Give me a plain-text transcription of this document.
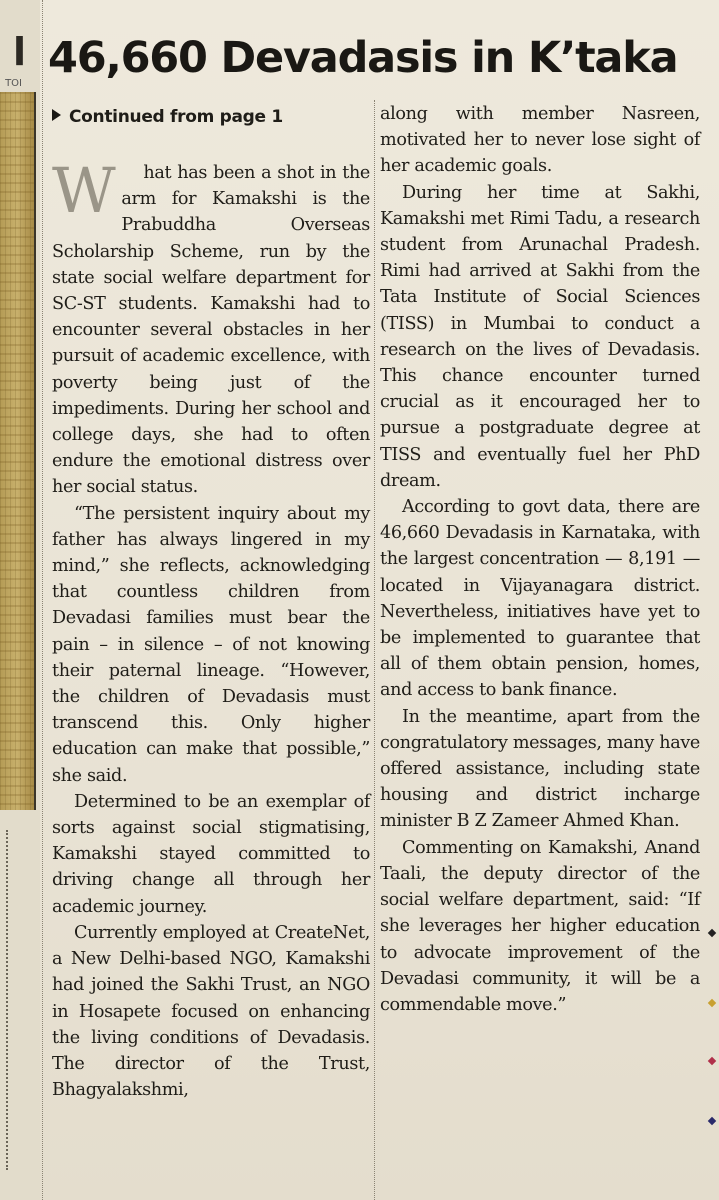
l
TOI
46,660 Devadasis in K’taka
Continued from page 1

W hat has been a shot in the arm for Kamakshi is the Prabuddha Overseas Scholarship Scheme, run by the state social welfare department for SC-ST students. Kamakshi had to encounter several obstacles in her pursuit of academic excellence, with poverty being just of the impediments. During her school and college days, she had to often endure the emotional distress over her social status.

“The persistent inquiry about my father has always lingered in my mind,” she reflects, acknowledging that countless children from Devadasi families must bear the pain – in silence – of not knowing their paternal lineage. “However, the children of Devadasis must transcend this. Only higher education can make that possible,” she said.

Determined to be an exemplar of sorts against social stigmatising, Kamakshi stayed committed to driving change all through her academic journey.

Currently employed at CreateNet, a New Delhi-based NGO, Kamakshi had joined the Sakhi Trust, an NGO in Hosapete focused on enhancing the living conditions of Devadasis. The director of the Trust, Bhagyalakshmi,

along with member Nasreen, motivated her to never lose sight of her academic goals.

During her time at Sakhi, Kamakshi met Rimi Tadu, a research student from Arunachal Pradesh. Rimi had arrived at Sakhi from the Tata Institute of Social Sciences (TISS) in Mumbai to conduct a research on the lives of Devadasis. This chance encounter turned crucial as it encouraged her to pursue a postgraduate degree at TISS and eventually fuel her PhD dream.

According to govt data, there are 46,660 Devadasis in Karnataka, with the largest concentration — 8,191 — located in Vijayanagara district. Nevertheless, initiatives have yet to be implemented to guarantee that all of them obtain pension, homes, and access to bank finance.

In the meantime, apart from the congratulatory messages, many have offered assistance, including state housing and district incharge minister B Z Zameer Ahmed Khan.

Commenting on Kamakshi, Anand Taali, the deputy director of the social welfare department, said: “If she leverages her higher education to advocate improvement of the Devadasi community, it will be a commendable move.”
